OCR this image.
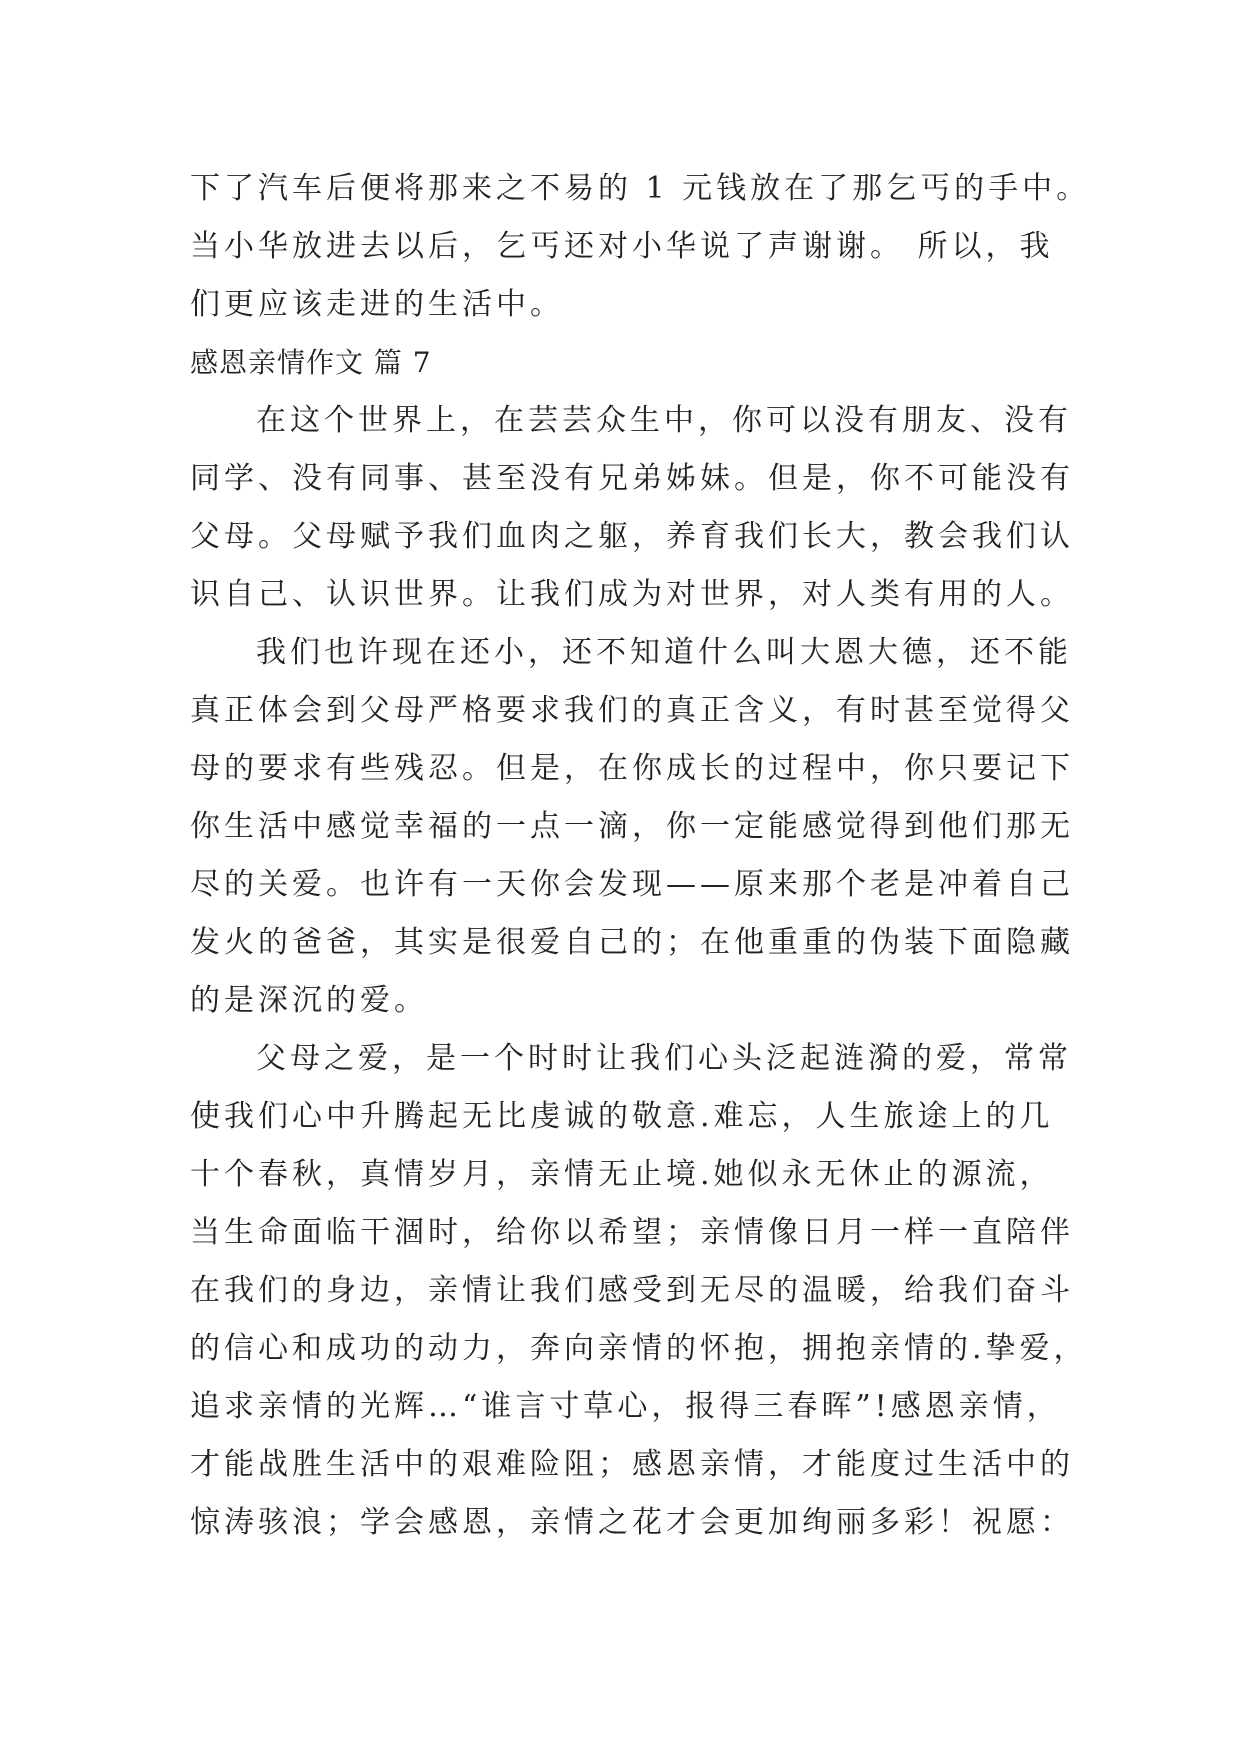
下了汽车后便将那来之不易的 1 元钱放在了那乞丐的手中。
当小华放进去以后，乞丐还对小华说了声谢谢。 所以，我
们更应该走进的生活中。
感恩亲情作文 篇 7
在这个世界上，在芸芸众生中，你可以没有朋友、没有
同学、没有同事、甚至没有兄弟姊妹。但是，你不可能没有
父母。父母赋予我们血肉之躯，养育我们长大，教会我们认
识自己、认识世界。让我们成为对世界，对人类有用的人。
我们也许现在还小，还不知道什么叫大恩大德，还不能
真正体会到父母严格要求我们的真正含义，有时甚至觉得父
母的要求有些残忍。但是，在你成长的过程中，你只要记下
你生活中感觉幸福的一点一滴，你一定能感觉得到他们那无
尽的关爱。也许有一天你会发现——原来那个老是冲着自己
发火的爸爸，其实是很爱自己的；在他重重的伪装下面隐藏
的是深沉的爱。
父母之爱，是一个时时让我们心头泛起涟漪的爱，常常
使我们心中升腾起无比虔诚的敬意.难忘，人生旅途上的几
十个春秋，真情岁月，亲情无止境.她似永无休止的源流，
当生命面临干涸时，给你以希望；亲情像日月一样一直陪伴
在我们的身边，亲情让我们感受到无尽的温暖，给我们奋斗
的信心和成功的动力，奔向亲情的怀抱，拥抱亲情的.挚爱，
追求亲情的光辉…“谁言寸草心，报得三春晖”!感恩亲情，
才能战胜生活中的艰难险阻；感恩亲情，才能度过生活中的
惊涛骇浪；学会感恩，亲情之花才会更加绚丽多彩！祝愿：
